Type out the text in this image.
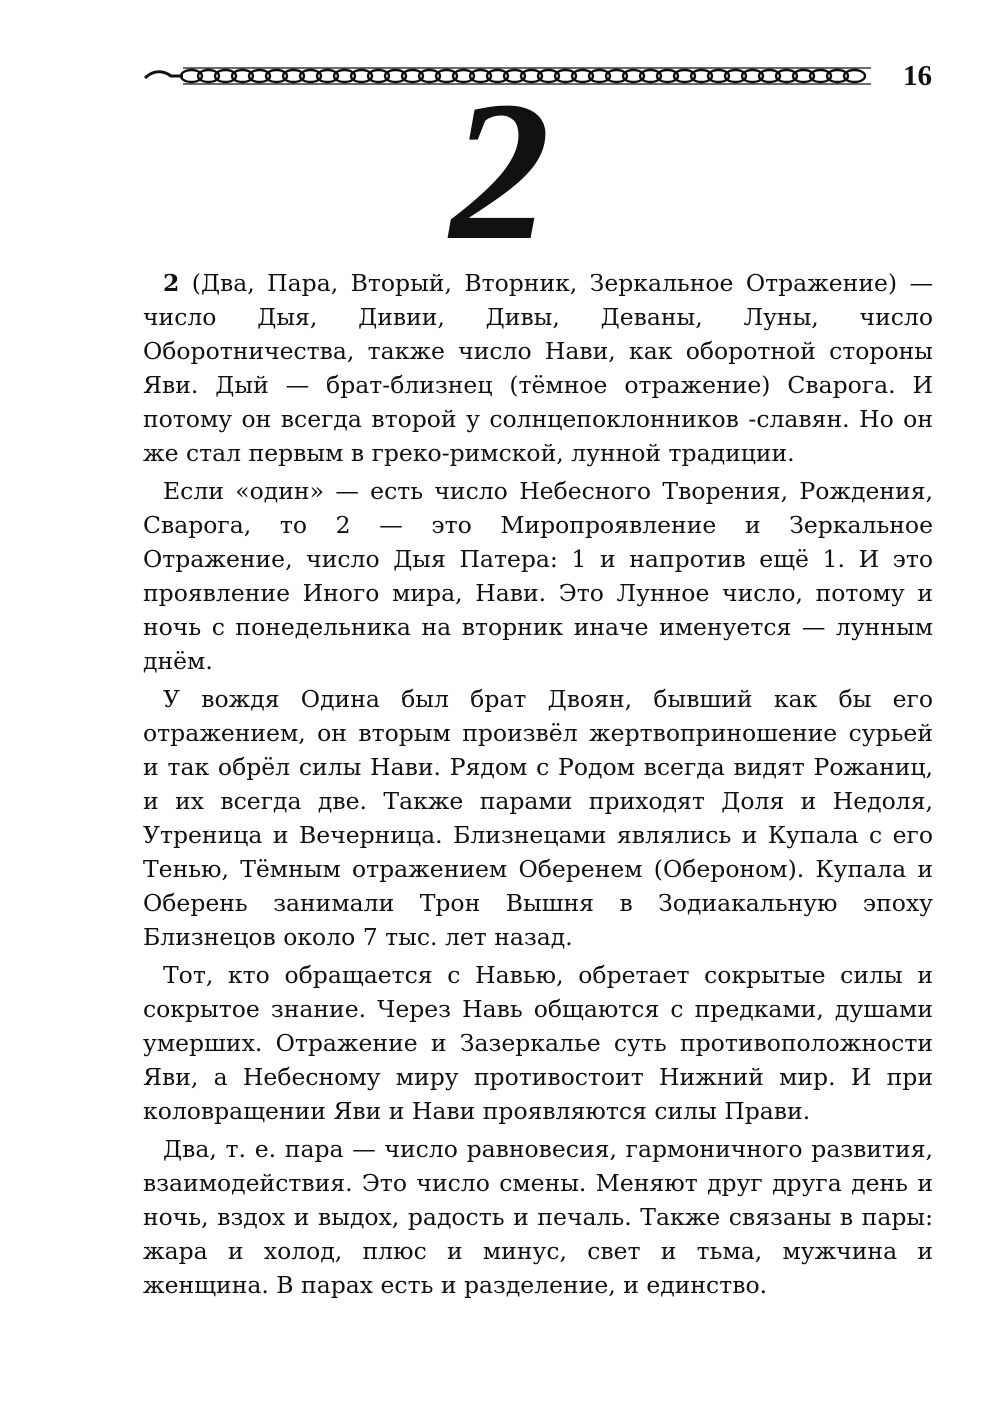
16
2

2 (Два, Пара, Вторый, Вторник, Зеркальное Отражение) — число Дыя, Дивии, Дивы, Деваны, Луны, число Оборотничества, также число Нави, как оборотной стороны Яви. Дый — брат-близнец (тёмное отражение) Сварога. И потому он всегда второй у солнцепоклонников -славян. Но он же стал первым в греко-римской, лунной традиции.

Если «один» — есть число Небесного Творения, Рождения, Сварога, то 2 — это Миропроявление и Зеркальное Отражение, число Дыя Патера: 1 и напротив ещё 1. И это проявление Иного мира, Нави. Это Лунное число, потому и ночь с понедельника на вторник иначе именуется — лунным днём.

У вождя Одина был брат Двоян, бывший как бы его отражением, он вторым произвёл жертвоприношение сурьей и так обрёл силы Нави. Рядом с Родом всегда видят Рожаниц, и их всегда две. Также парами приходят Доля и Недоля, Утреница и Вечерница. Близнецами являлись и Купала с его Тенью, Тёмным отражением Оберенем (Обероном). Купала и Оберень занимали Трон Вышня в Зодиакальную эпоху Близнецов около 7 тыс. лет назад.

Тот, кто обращается с Навью, обретает сокрытые силы и сокрытое знание. Через Навь общаются с предками, душами умерших. Отражение и Зазеркалье суть противоположности Яви, а Небесному миру противостоит Нижний мир. И при коловращении Яви и Нави проявляются силы Прави.

Два, т. е. пара — число равновесия, гармоничного развития, взаимодействия. Это число смены. Меняют друг друга день и ночь, вздох и выдох, радость и печаль. Также связаны в пары: жара и холод, плюс и минус, свет и тьма, мужчина и женщина. В парах есть и разделение, и единство.
